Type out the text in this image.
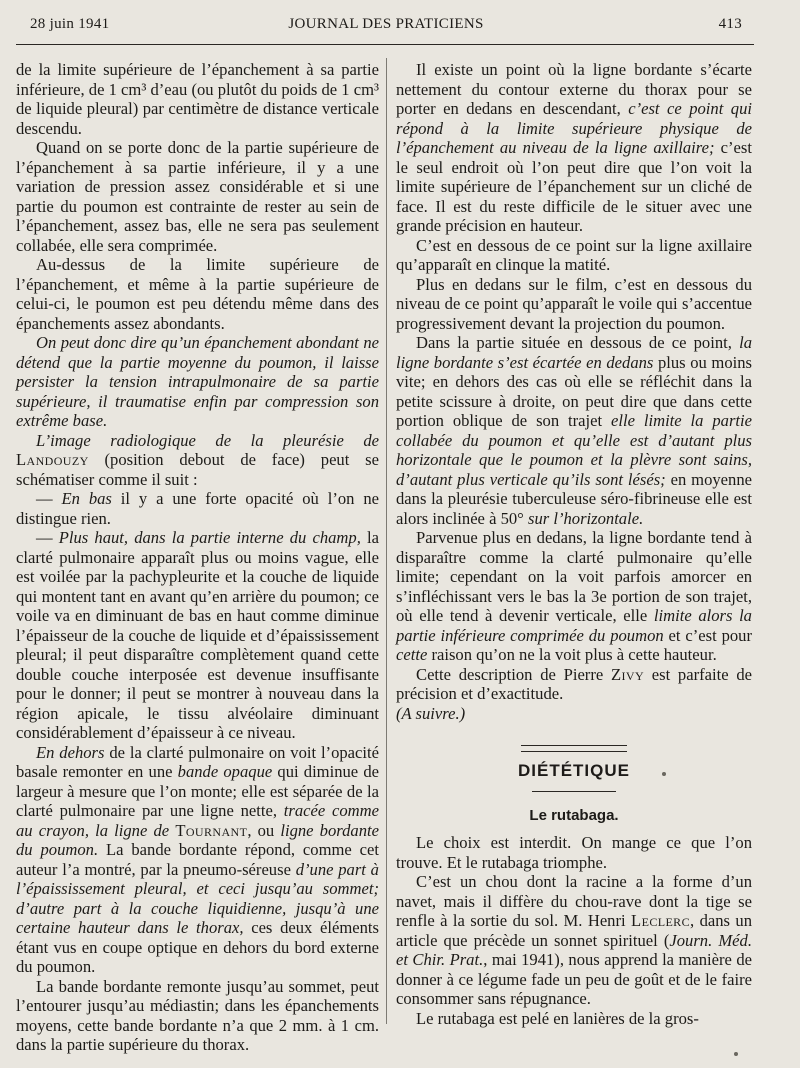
28 juin 1941	JOURNAL DES PRATICIENS	413

de la limite supérieure de l’épanchement à sa partie inférieure, de 1 cm³ d’eau (ou plutôt du poids de 1 cm³ de liquide pleural) par centimètre de distance verticale descendu.

Quand on se porte donc de la partie supérieure de l’épanchement à sa partie inférieure, il y a une variation de pression assez considérable et si une partie du poumon est contrainte de rester au sein de l’épanchement, assez bas, elle ne sera pas seulement collabée, elle sera comprimée.

Au-dessus de la limite supérieure de l’épanchement, et même à la partie supérieure de celui-ci, le poumon est peu détendu même dans des épanchements assez abondants.

On peut donc dire qu’un épanchement abondant ne détend que la partie moyenne du poumon, il laisse persister la tension intrapulmonaire de sa partie supérieure, il traumatise enfin par compression son extrême base.

L’image radiologique de la pleurésie de Landouzy (position debout de face) peut se schématiser comme il suit :

— En bas il y a une forte opacité où l’on ne distingue rien.

— Plus haut, dans la partie interne du champ, la clarté pulmonaire apparaît plus ou moins vague, elle est voilée par la pachypleurite et la couche de liquide qui montent tant en avant qu’en arrière du poumon; ce voile va en diminuant de bas en haut comme diminue l’épaisseur de la couche de liquide et d’épaississement pleural; il peut disparaître complètement quand cette double couche interposée est devenue insuffisante pour le donner; il peut se montrer à nouveau dans la région apicale, le tissu alvéolaire diminuant considérablement d’épaisseur à ce niveau.

En dehors de la clarté pulmonaire on voit l’opacité basale remonter en une bande opaque qui diminue de largeur à mesure que l’on monte; elle est séparée de la clarté pulmonaire par une ligne nette, tracée comme au crayon, la ligne de Tournant, ou ligne bordante du poumon. La bande bordante répond, comme cet auteur l’a montré, par la pneumo-séreuse d’une part à l’épaississement pleural, et ceci jusqu’au sommet; d’autre part à la couche liquidienne, jusqu’à une certaine hauteur dans le thorax, ces deux éléments étant vus en coupe optique en dehors du bord externe du poumon.

La bande bordante remonte jusqu’au sommet, peut l’entourer jusqu’au médiastin; dans les épanchements moyens, cette bande bordante n’a que 2 mm. à 1 cm. dans la partie supérieure du thorax.

Il existe un point où la ligne bordante s’écarte nettement du contour externe du thorax pour se porter en dedans en descendant, c’est ce point qui répond à la limite supérieure physique de l’épanchement au niveau de la ligne axillaire; c’est le seul endroit où l’on peut dire que l’on voit la limite supérieure de l’épanchement sur un cliché de face. Il est du reste difficile de le situer avec une grande précision en hauteur.

C’est en dessous de ce point sur la ligne axillaire qu’apparaît en clinque la matité.

Plus en dedans sur le film, c’est en dessous du niveau de ce point qu’apparaît le voile qui s’accentue progressivement devant la projection du poumon.

Dans la partie située en dessous de ce point, la ligne bordante s’est écartée en dedans plus ou moins vite; en dehors des cas où elle se réfléchit dans la petite scissure à droite, on peut dire que dans cette portion oblique de son trajet elle limite la partie collabée du poumon et qu’elle est d’autant plus horizontale que le poumon et la plèvre sont sains, d’autant plus verticale qu’ils sont lésés; en moyenne dans la pleurésie tuberculeuse séro-fibrineuse elle est alors inclinée à 50° sur l’horizontale.

Parvenue plus en dedans, la ligne bordante tend à disparaître comme la clarté pulmonaire qu’elle limite; cependant on la voit parfois amorcer en s’infléchissant vers le bas la 3e portion de son trajet, où elle tend à devenir verticale, elle limite alors la partie inférieure comprimée du poumon et c’est pour cette raison qu’on ne la voit plus à cette hauteur.

Cette description de Pierre Zivy est parfaite de précision et d’exactitude.

(A suivre.)

DIÉTÉTIQUE
Le rutabaga.

Le choix est interdit. On mange ce que l’on trouve. Et le rutabaga triomphe.

C’est un chou dont la racine a la forme d’un navet, mais il diffère du chou-rave dont la tige se renfle à la sortie du sol. M. Henri Leclerc, dans un article que précède un sonnet spirituel (Journ. Méd. et Chir. Prat., mai 1941), nous apprend la manière de donner à ce légume fade un peu de goût et de le faire consommer sans répugnance.

Le rutabaga est pelé en lanières de la gros-
